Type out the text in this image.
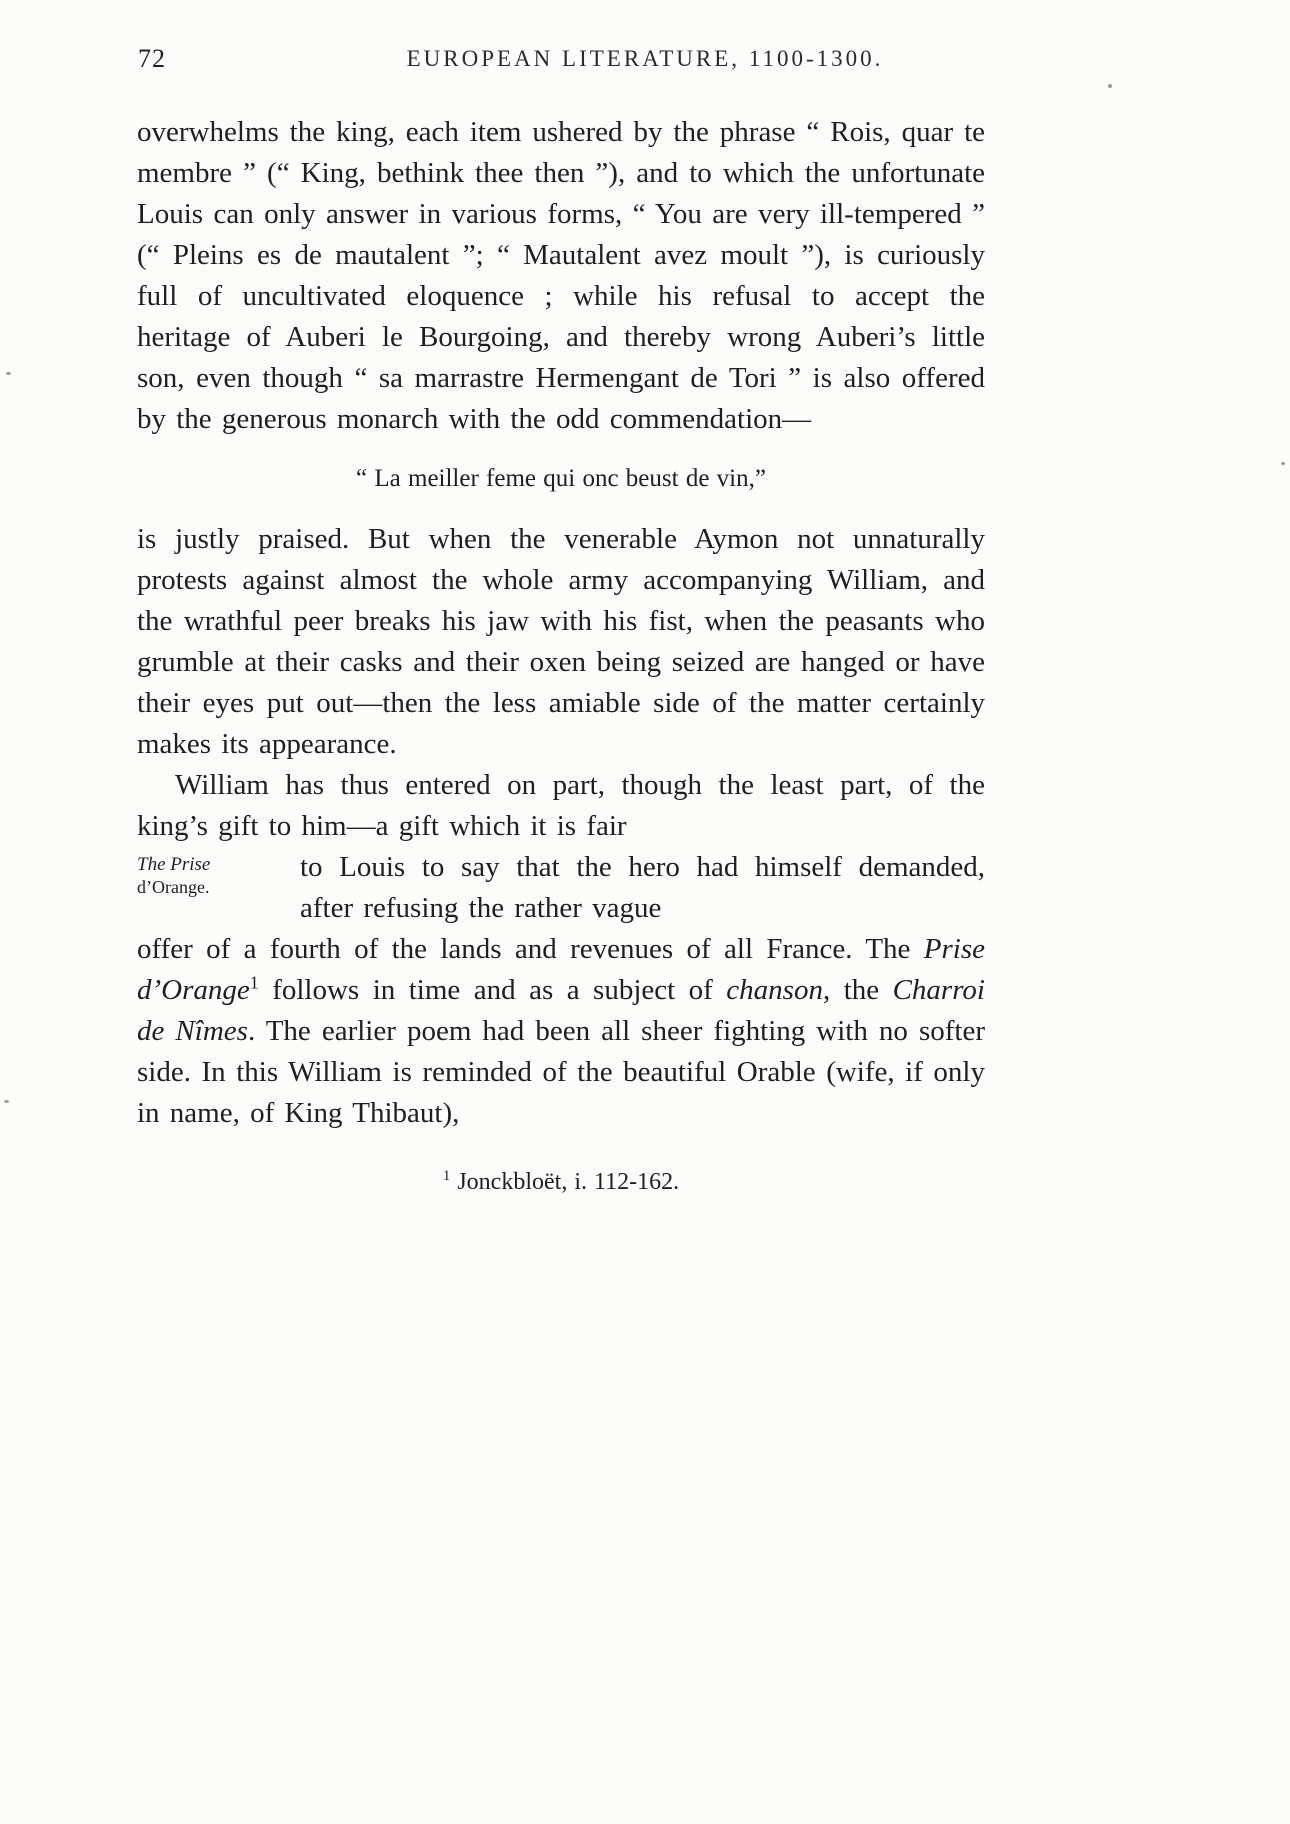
72	EUROPEAN LITERATURE, 1100-1300.

overwhelms the king, each item ushered by the phrase “ Rois, quar te membre ” (“ King, bethink thee then ”), and to which the unfortunate Louis can only answer in various forms, “ You are very ill-tempered ” (“ Pleins es de mautalent ”; “ Mautalent avez moult ”), is curiously full of uncultivated eloquence ; while his refusal to accept the heritage of Auberi le Bourgoing, and thereby wrong Auberi’s little son, even though “ sa marrastre Hermengant de Tori ” is also offered by the generous monarch with the odd commendation—

“ La meiller feme qui onc beust de vin,”

is justly praised. But when the venerable Aymon not unnaturally protests against almost the whole army accompanying William, and the wrathful peer breaks his jaw with his fist, when the peasants who grumble at their casks and their oxen being seized are hanged or have their eyes put out—then the less amiable side of the matter certainly makes its appearance.

William has thus entered on part, though the least part, of the king’s gift to him—a gift which it is fair

The Prise
d’Orange.

to Louis to say that the hero had himself demanded, after refusing the rather vague

offer of a fourth of the lands and revenues of all France. The Prise d’Orange$^1$ follows in time and as a subject of chanson, the Charroi de Nîmes. The earlier poem had been all sheer fighting with no softer side. In this William is reminded of the beautiful Orable (wife, if only in name, of King Thibaut),

$^1$ Jonckbloët, i. 112-162.
